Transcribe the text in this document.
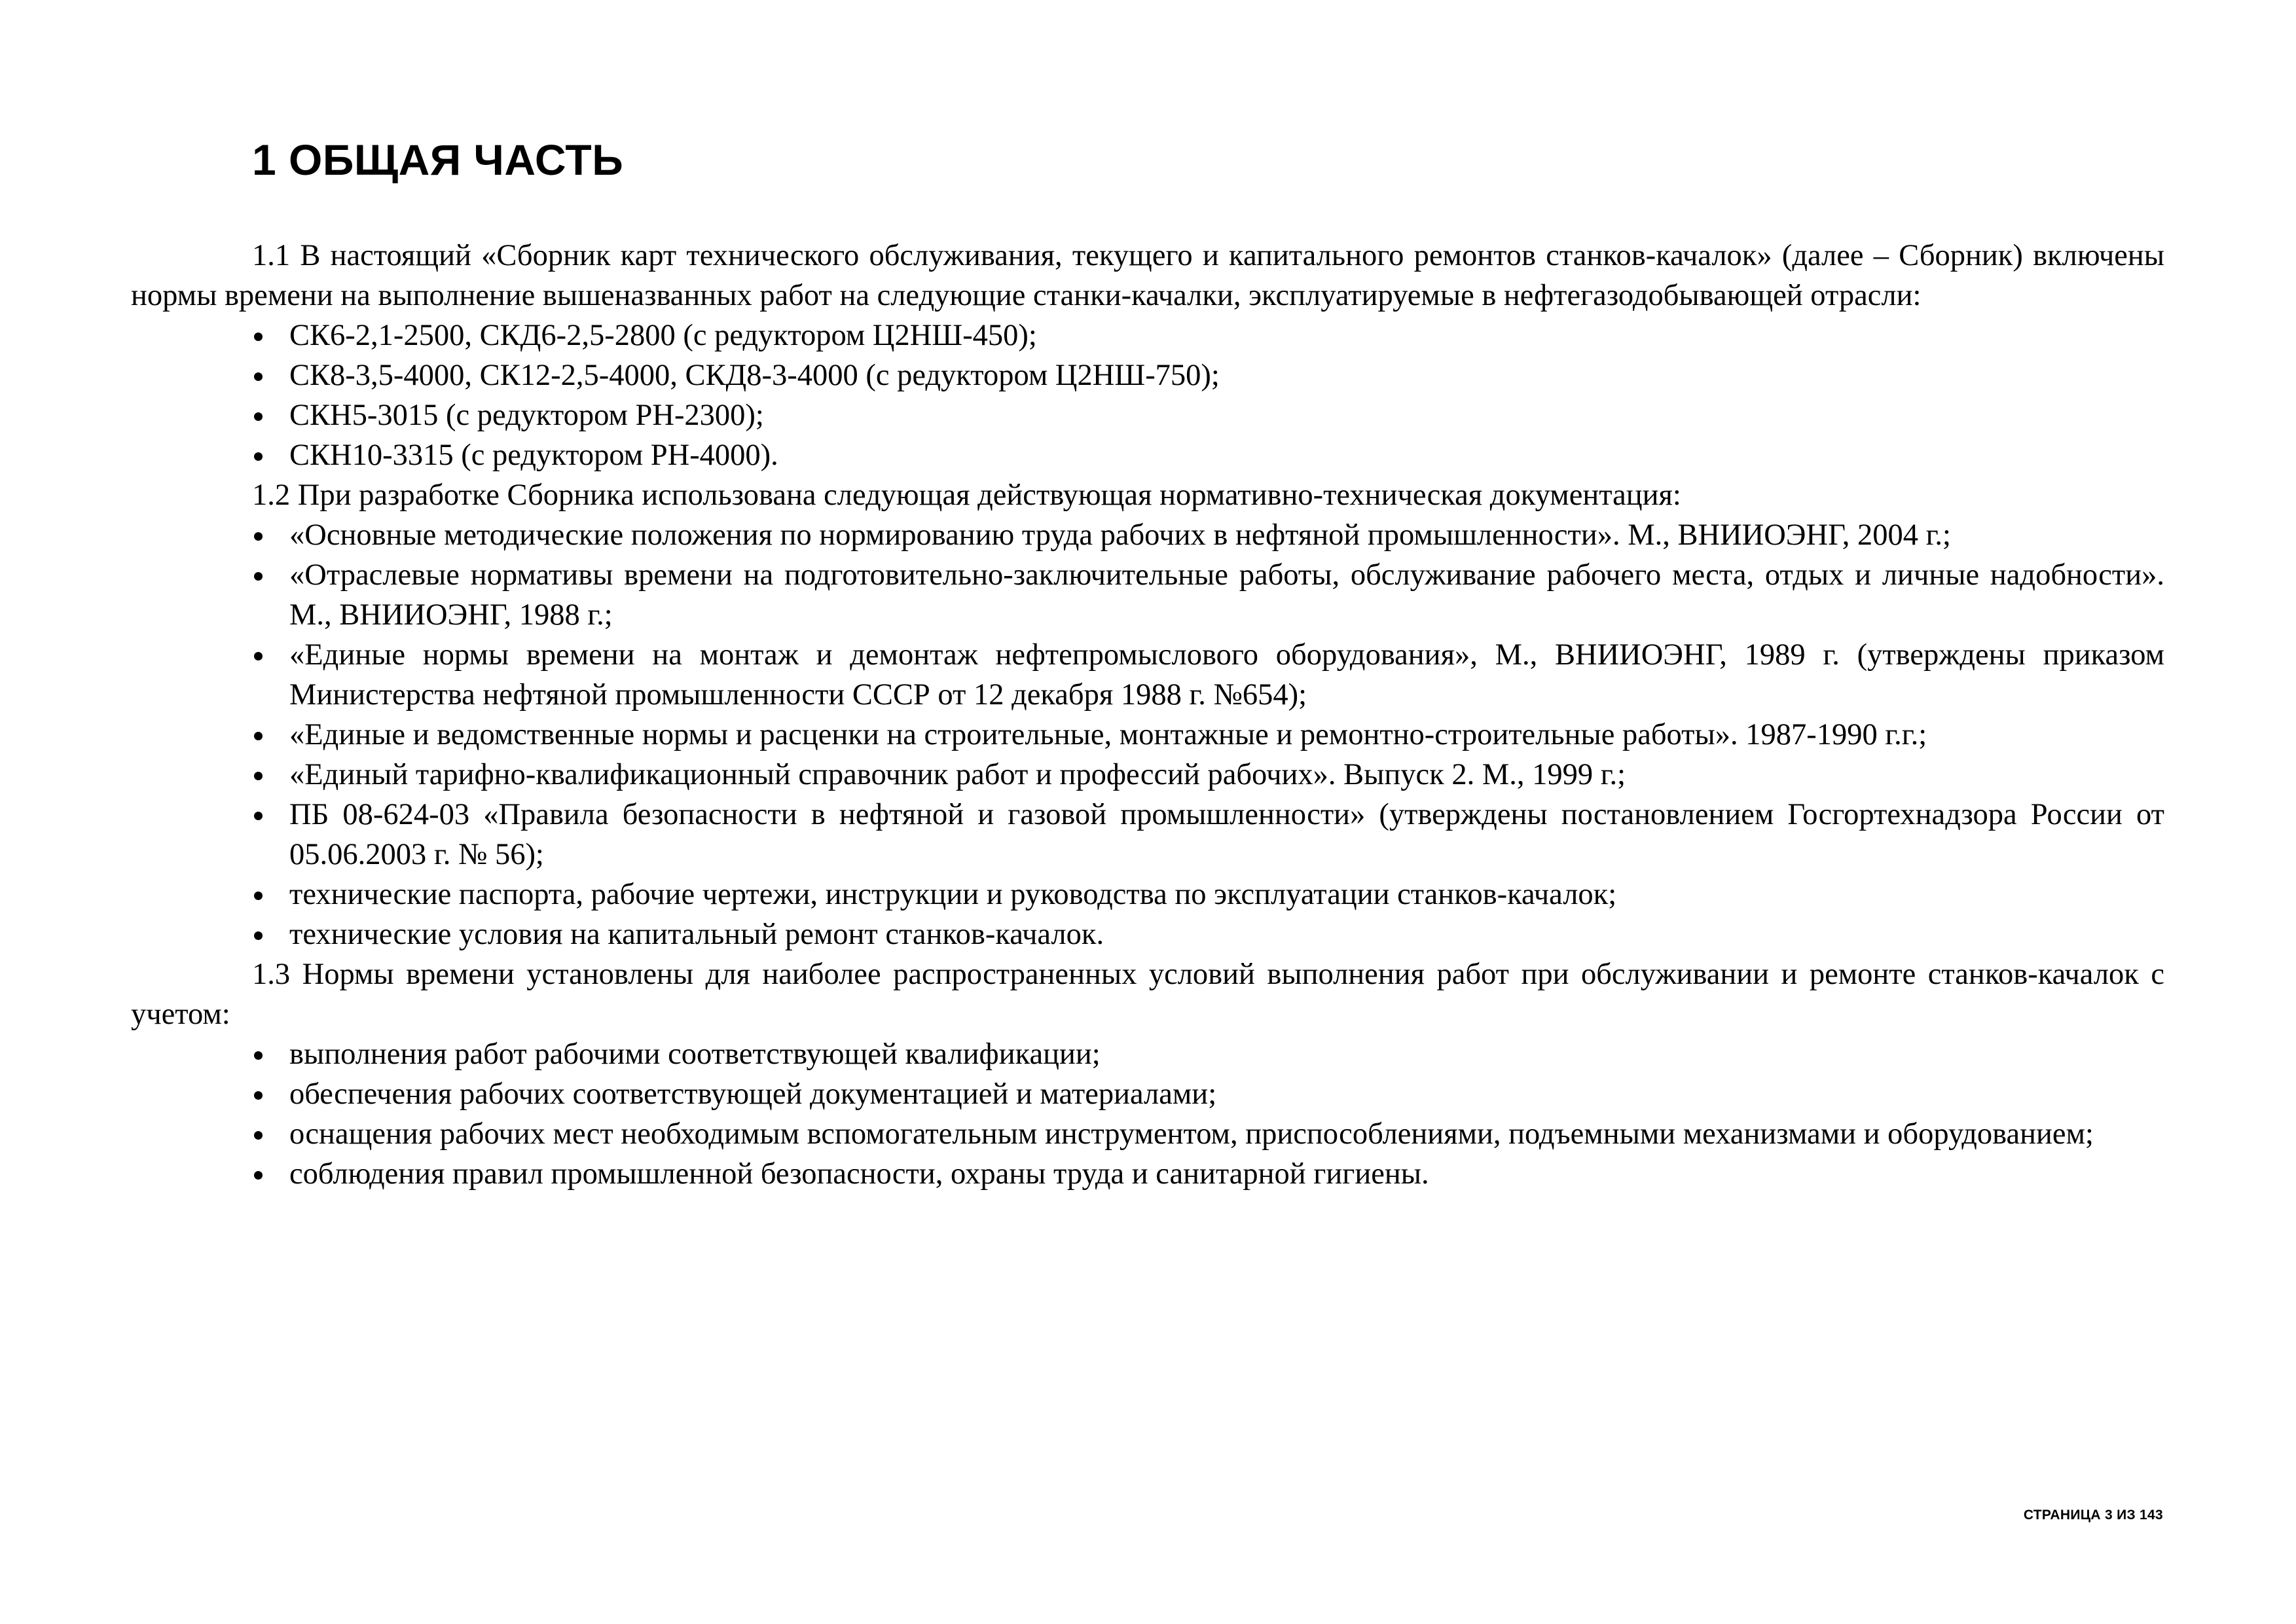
1 ОБЩАЯ ЧАСТЬ

1.1 В настоящий «Сборник карт технического обслуживания, текущего и капитального ремонтов станков-качалок» (далее – Сборник) включены нормы времени на выполнение вышеназванных работ на следующие станки-качалки, эксплуатируемые в нефтегазодобывающей отрасли:

СК6-2,1-2500, СКД6-2,5-2800 (с редуктором Ц2НШ-450);
СК8-3,5-4000, СК12-2,5-4000, СКД8-3-4000 (с редуктором Ц2НШ-750);
СКН5-3015 (с редуктором РН-2300);
СКН10-3315 (с редуктором РН-4000).

1.2 При разработке Сборника использована следующая действующая нормативно-техническая документация:

«Основные методические положения по нормированию труда рабочих в нефтяной промышленности». М., ВНИИОЭНГ, 2004 г.;
«Отраслевые нормативы времени на подготовительно-заключительные работы, обслуживание рабочего места, отдых и личные надобности». М., ВНИИОЭНГ, 1988 г.;
«Единые нормы времени на монтаж и демонтаж нефтепромыслового оборудования», М., ВНИИОЭНГ, 1989 г. (утверждены приказом Министерства нефтяной промышленности СССР от 12 декабря 1988 г. №654);
«Единые и ведомственные нормы и расценки на строительные, монтажные и ремонтно-строительные работы». 1987-1990 г.г.;
«Единый тарифно-квалификационный справочник работ и профессий рабочих». Выпуск 2. М., 1999 г.;
ПБ 08-624-03 «Правила безопасности в нефтяной и газовой промышленности» (утверждены постановлением Госгортехнадзора России от 05.06.2003 г. № 56);
технические паспорта, рабочие чертежи, инструкции и руководства по эксплуатации станков-качалок;
технические условия на капитальный ремонт станков-качалок.

1.3 Нормы времени установлены для наиболее распространенных условий выполнения работ при обслуживании и ремонте станков-качалок с учетом:

выполнения работ рабочими соответствующей квалификации;
обеспечения рабочих соответствующей документацией и материалами;
оснащения рабочих мест необходимым вспомогательным инструментом, приспособлениями, подъемными механизмами и оборудованием;
соблюдения правил промышленной безопасности, охраны труда и санитарной гигиены.

СТРАНИЦА 3 ИЗ 143
